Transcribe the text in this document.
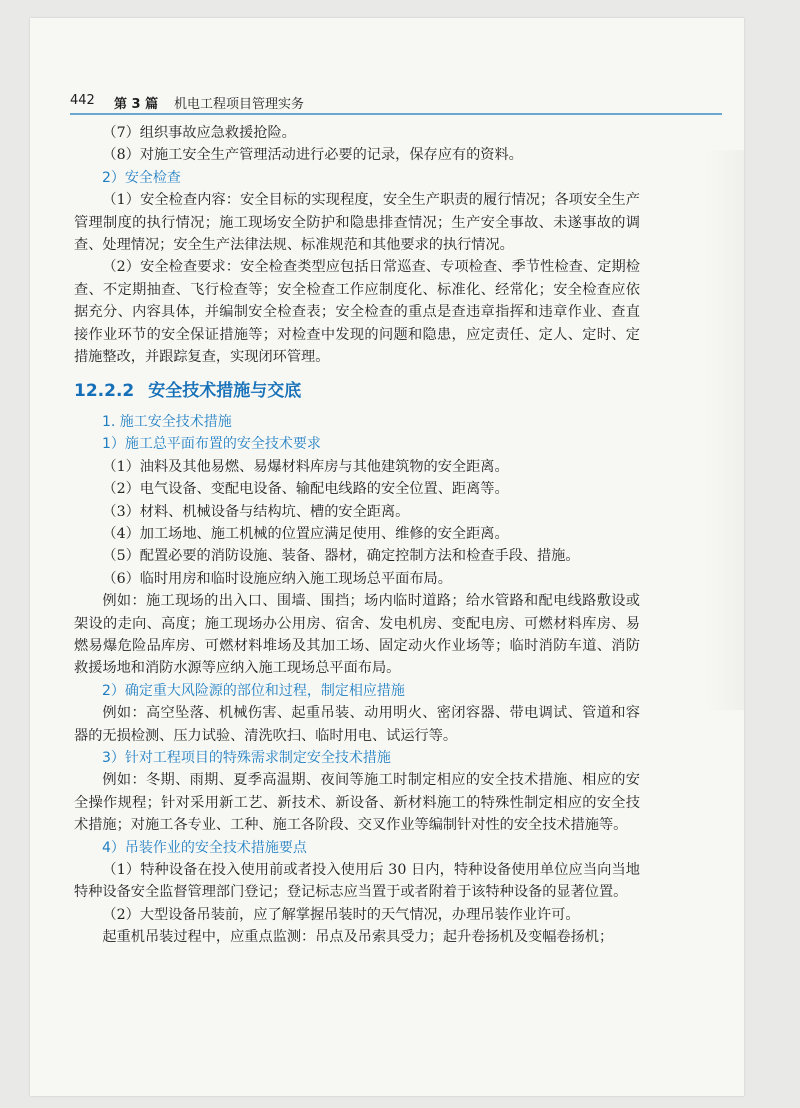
442 第 3 篇 机电工程项目管理实务

（7）组织事故应急救援抢险。

（8）对施工安全生产管理活动进行必要的记录，保存应有的资料。

2）安全检查

（1）安全检查内容：安全目标的实现程度，安全生产职责的履行情况；各项安全生产管理制度的执行情况；施工现场安全防护和隐患排查情况；生产安全事故、未遂事故的调查、处理情况；安全生产法律法规、标准规范和其他要求的执行情况。

（2）安全检查要求：安全检查类型应包括日常巡查、专项检查、季节性检查、定期检查、不定期抽查、飞行检查等；安全检查工作应制度化、标准化、经常化；安全检查应依据充分、内容具体，并编制安全检查表；安全检查的重点是查违章指挥和违章作业、查直接作业环节的安全保证措施等；对检查中发现的问题和隐患，应定责任、定人、定时、定措施整改，并跟踪复查，实现闭环管理。

12.2.2 安全技术措施与交底

1. 施工安全技术措施

1）施工总平面布置的安全技术要求

（1）油料及其他易燃、易爆材料库房与其他建筑物的安全距离。

（2）电气设备、变配电设备、输配电线路的安全位置、距离等。

（3）材料、机械设备与结构坑、槽的安全距离。

（4）加工场地、施工机械的位置应满足使用、维修的安全距离。

（5）配置必要的消防设施、装备、器材，确定控制方法和检查手段、措施。

（6）临时用房和临时设施应纳入施工现场总平面布局。

例如：施工现场的出入口、围墙、围挡；场内临时道路；给水管路和配电线路敷设或架设的走向、高度；施工现场办公用房、宿舍、发电机房、变配电房、可燃材料库房、易燃易爆危险品库房、可燃材料堆场及其加工场、固定动火作业场等；临时消防车道、消防救援场地和消防水源等应纳入施工现场总平面布局。

2）确定重大风险源的部位和过程，制定相应措施

例如：高空坠落、机械伤害、起重吊装、动用明火、密闭容器、带电调试、管道和容器的无损检测、压力试验、清洗吹扫、临时用电、试运行等。

3）针对工程项目的特殊需求制定安全技术措施

例如：冬期、雨期、夏季高温期、夜间等施工时制定相应的安全技术措施、相应的安全操作规程；针对采用新工艺、新技术、新设备、新材料施工的特殊性制定相应的安全技术措施；对施工各专业、工种、施工各阶段、交叉作业等编制针对性的安全技术措施等。

4）吊装作业的安全技术措施要点

（1）特种设备在投入使用前或者投入使用后 30 日内，特种设备使用单位应当向当地特种设备安全监督管理部门登记；登记标志应当置于或者附着于该特种设备的显著位置。

（2）大型设备吊装前，应了解掌握吊装时的天气情况，办理吊装作业许可。

起重机吊装过程中，应重点监测：吊点及吊索具受力；起升卷扬机及变幅卷扬机；
